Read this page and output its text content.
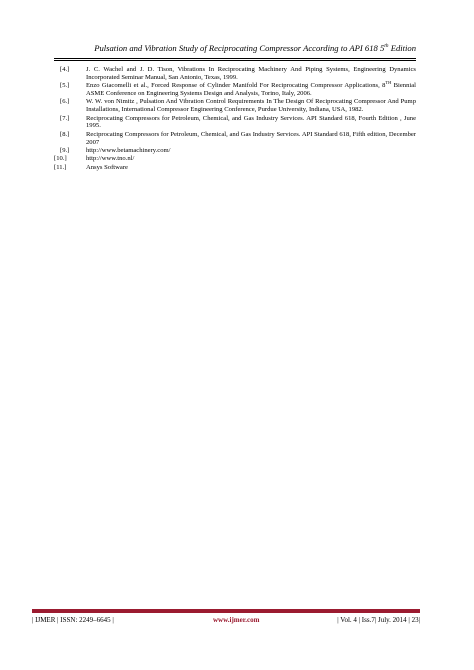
Pulsation and Vibration Study of Reciprocating Compressor According to API 618 5th Edition
[4.]	J. C. Wachel and J. D. Tison, Vibrations In Reciprocating Machinery And Piping Systems, Engineering Dynamics Incorporated Seminar Manual, San Antonio, Texas, 1999.
[5.]	Enzo Giacomelli et al., Forced Response of Cylinder Manifold For Reciprocating Compressor Applications, 8TH Biennial ASME Conference on Engineering Systems Design and Analysis, Torino, Italy, 2006.
[6.]	W. W. von Nimitz , Pulsation And Vibration Control Requirements In The Design Of Reciprocating Compressor And Pump Installations, International Compressor Engineering Conference, Purdue University, Indiana, USA, 1982.
[7.]	Reciprocating Compressors for Petroleum, Chemical, and Gas Industry Services. API Standard 618, Fourth Edition , June 1995.
[8.]	Reciprocating Compressors for Petroleum, Chemical, and Gas Industry Services. API Standard 618, Fifth edition, December 2007
[9.]	http://www.betamachinery.com/
[10.]	http://www.tno.nl/
[11.]	Ansys Software
| IJMER | ISSN: 2249–6645 |	www.ijmer.com	| Vol. 4 | Iss.7| July. 2014 | 23|
